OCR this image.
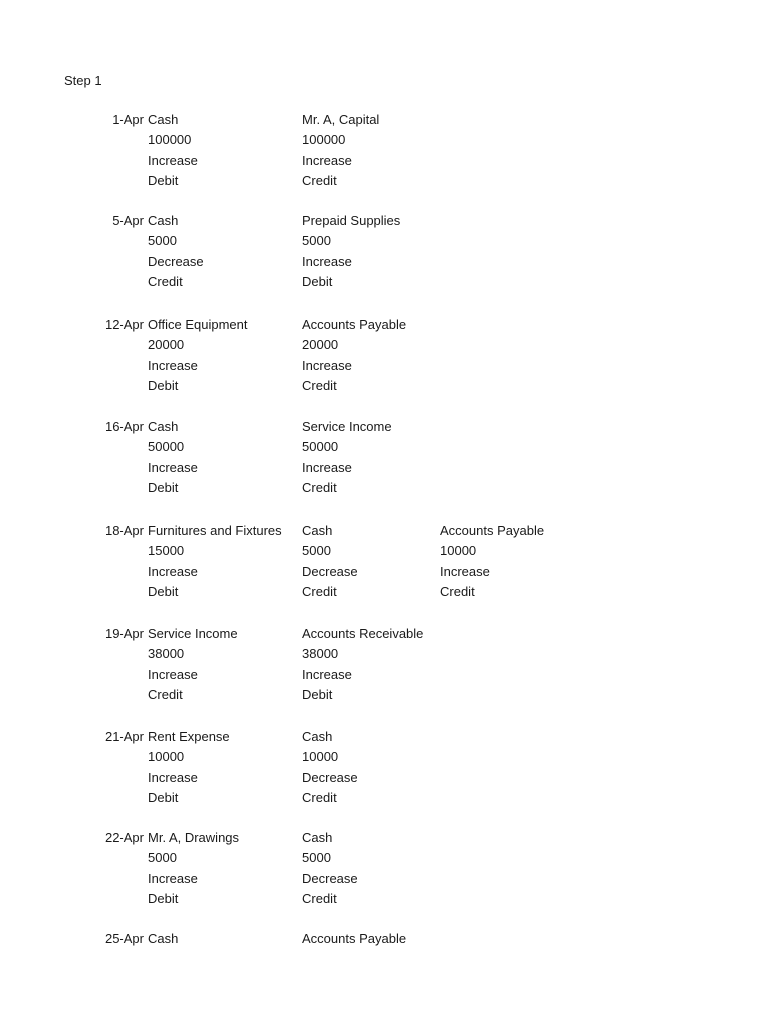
Step 1
1-Apr Cash
100000
Increase
Debit
Mr. A, Capital
100000
Increase
Credit
5-Apr Cash
5000
Decrease
Credit
Prepaid Supplies
5000
Increase
Debit
12-Apr Office Equipment
20000
Increase
Debit
Accounts Payable
20000
Increase
Credit
16-Apr Cash
50000
Increase
Debit
Service Income
50000
Increase
Credit
18-Apr Furnitures and Fixtures
15000
Increase
Debit
Cash
5000
Decrease
Credit
Accounts Payable
10000
Increase
Credit
19-Apr Service Income
38000
Increase
Credit
Accounts Receivable
38000
Increase
Debit
21-Apr Rent Expense
10000
Increase
Debit
Cash
10000
Decrease
Credit
22-Apr Mr. A, Drawings
5000
Increase
Debit
Cash
5000
Decrease
Credit
25-Apr Cash	Accounts Payable
